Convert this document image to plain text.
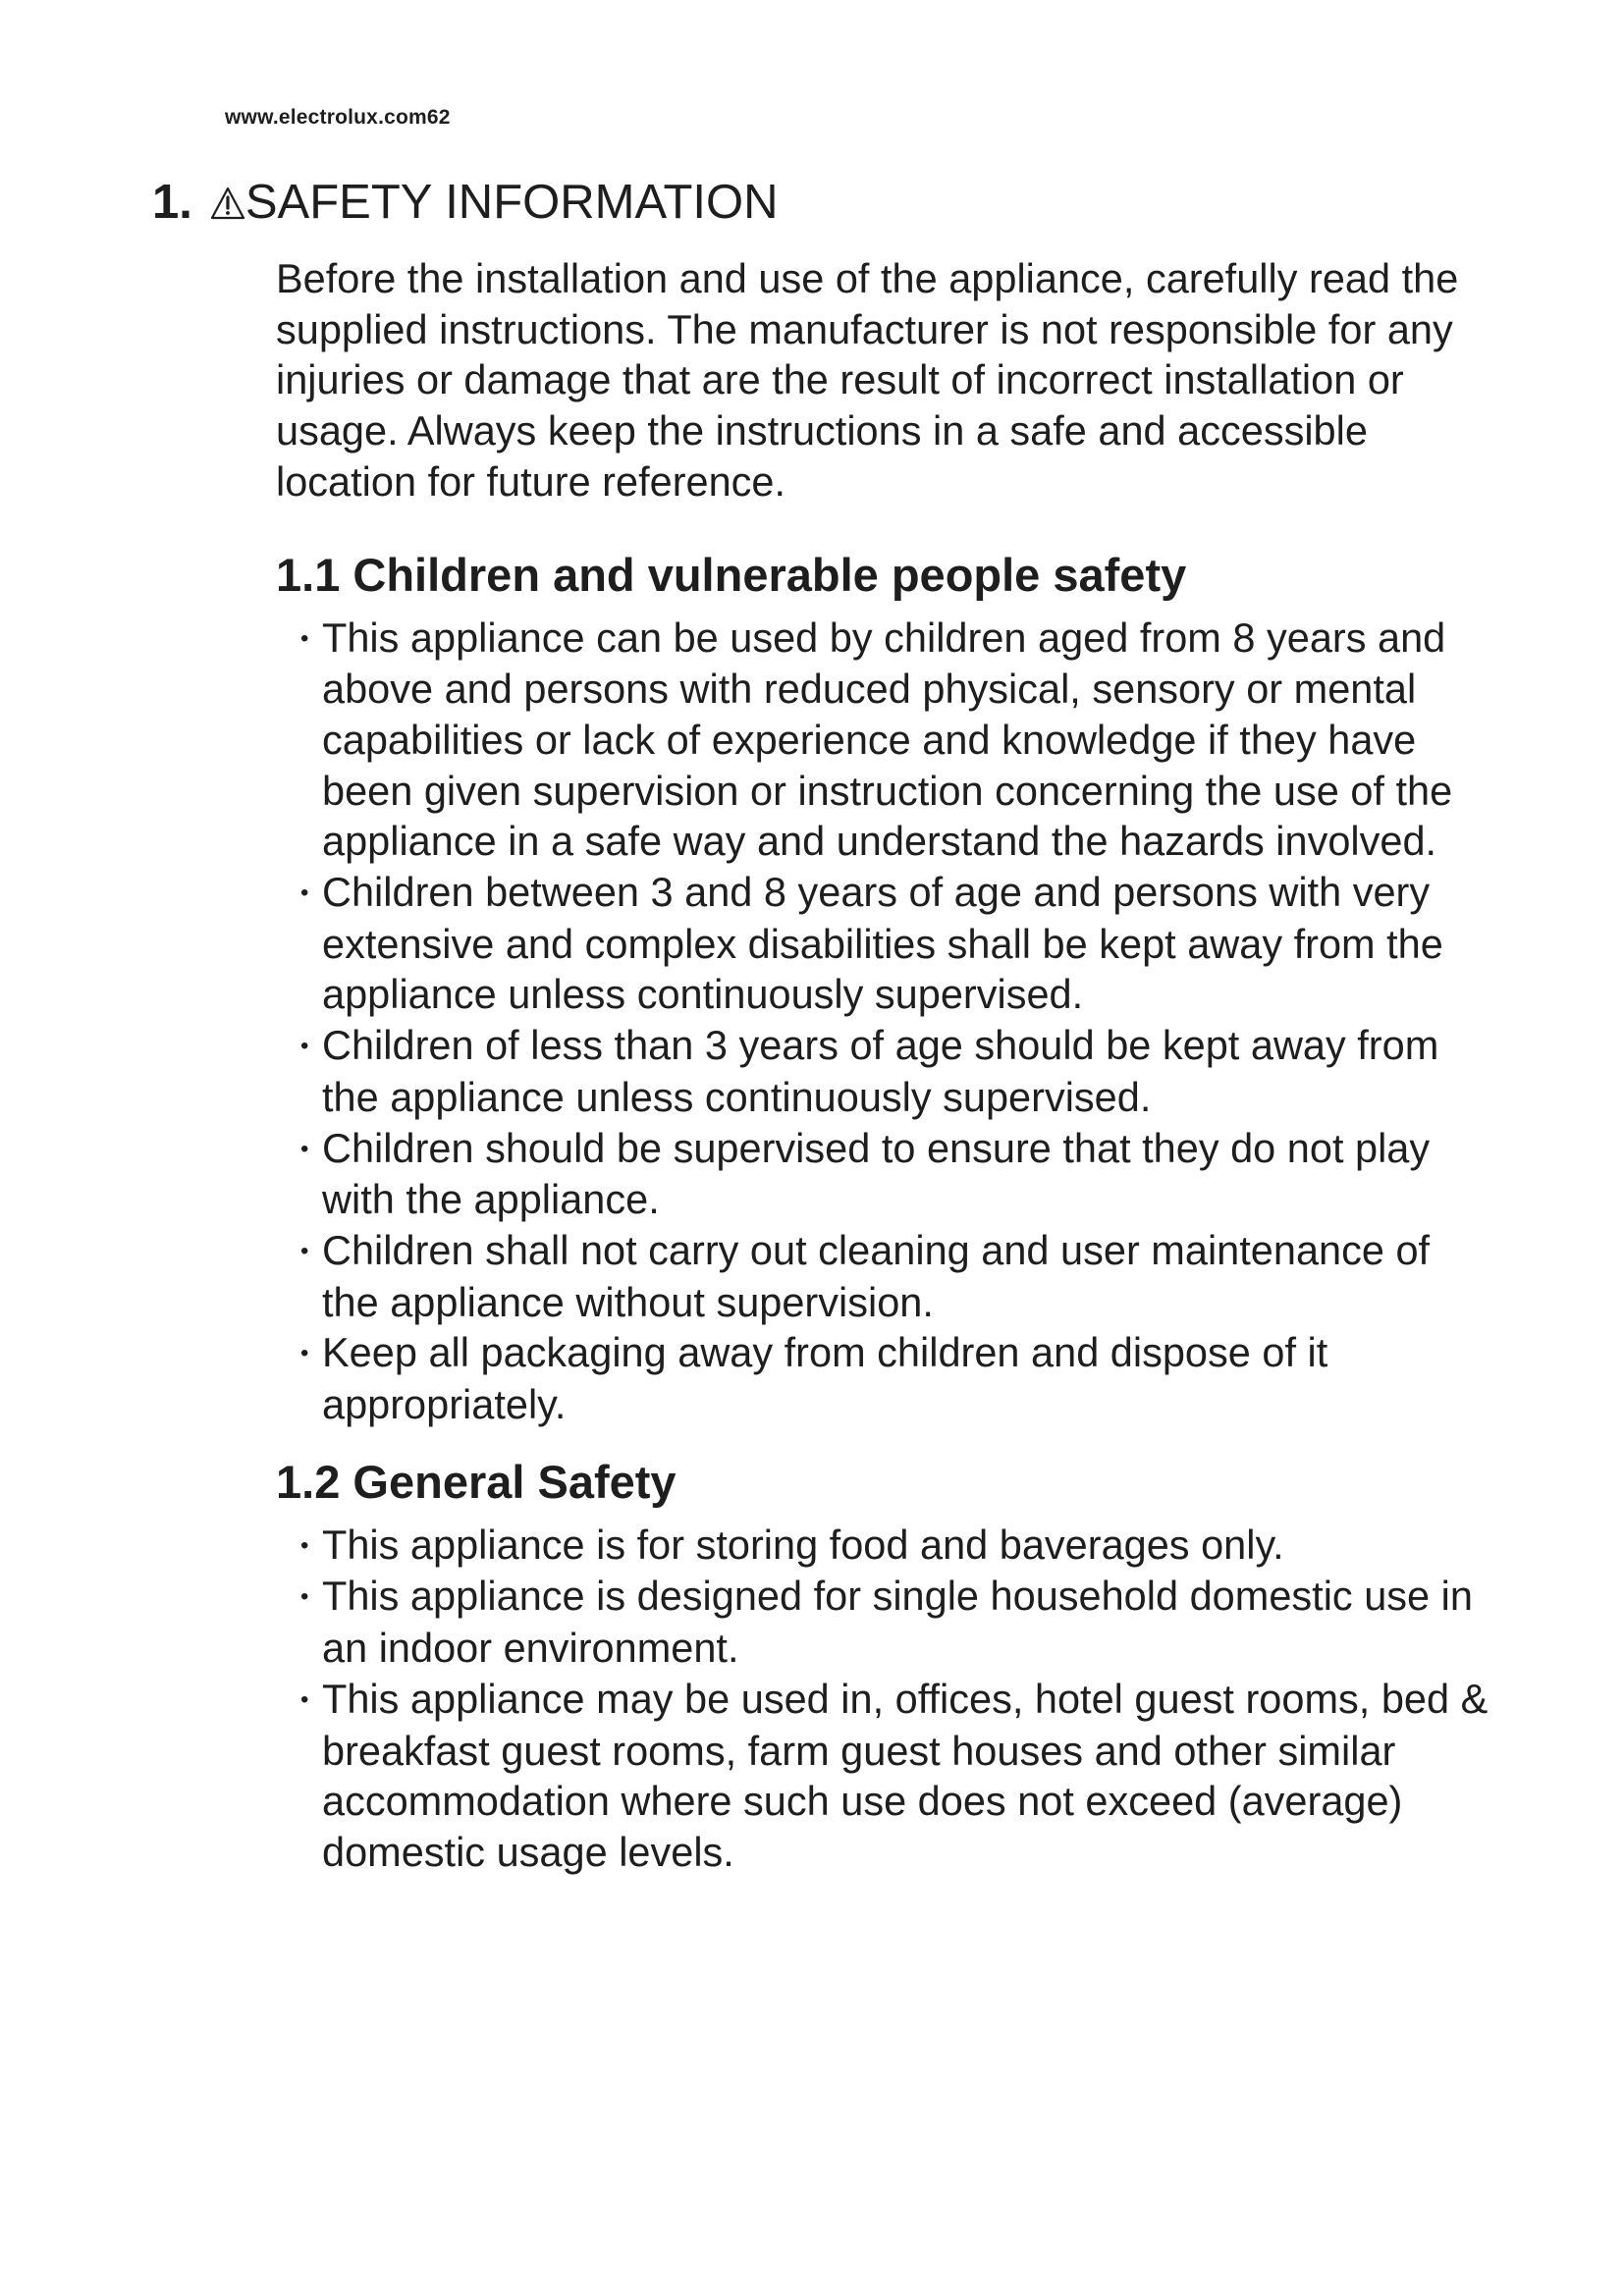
www.electrolux.com62
1. SAFETY INFORMATION

Before the installation and use of the appliance, carefully read the supplied instructions. The manufacturer is not responsible for any injuries or damage that are the result of incorrect installation or usage. Always keep the instructions in a safe and accessible location for future reference.

1.1 Children and vulnerable people safety
• This appliance can be used by children aged from 8 years and above and persons with reduced physical, sensory or mental capabilities or lack of experience and knowledge if they have been given supervision or instruction concerning the use of the appliance in a safe way and understand the hazards involved.
• Children between 3 and 8 years of age and persons with very extensive and complex disabilities shall be kept away from the appliance unless continuously supervised.
• Children of less than 3 years of age should be kept away from the appliance unless continuously supervised.
• Children should be supervised to ensure that they do not play with the appliance.
• Children shall not carry out cleaning and user maintenance of the appliance without supervision.
• Keep all packaging away from children and dispose of it appropriately.
1.2 General Safety
• This appliance is for storing food and baverages only.
• This appliance is designed for single household domestic use in an indoor environment.
• This appliance may be used in, offices, hotel guest rooms, bed & breakfast guest rooms, farm guest houses and other similar accommodation where such use does not exceed (average) domestic usage levels.
